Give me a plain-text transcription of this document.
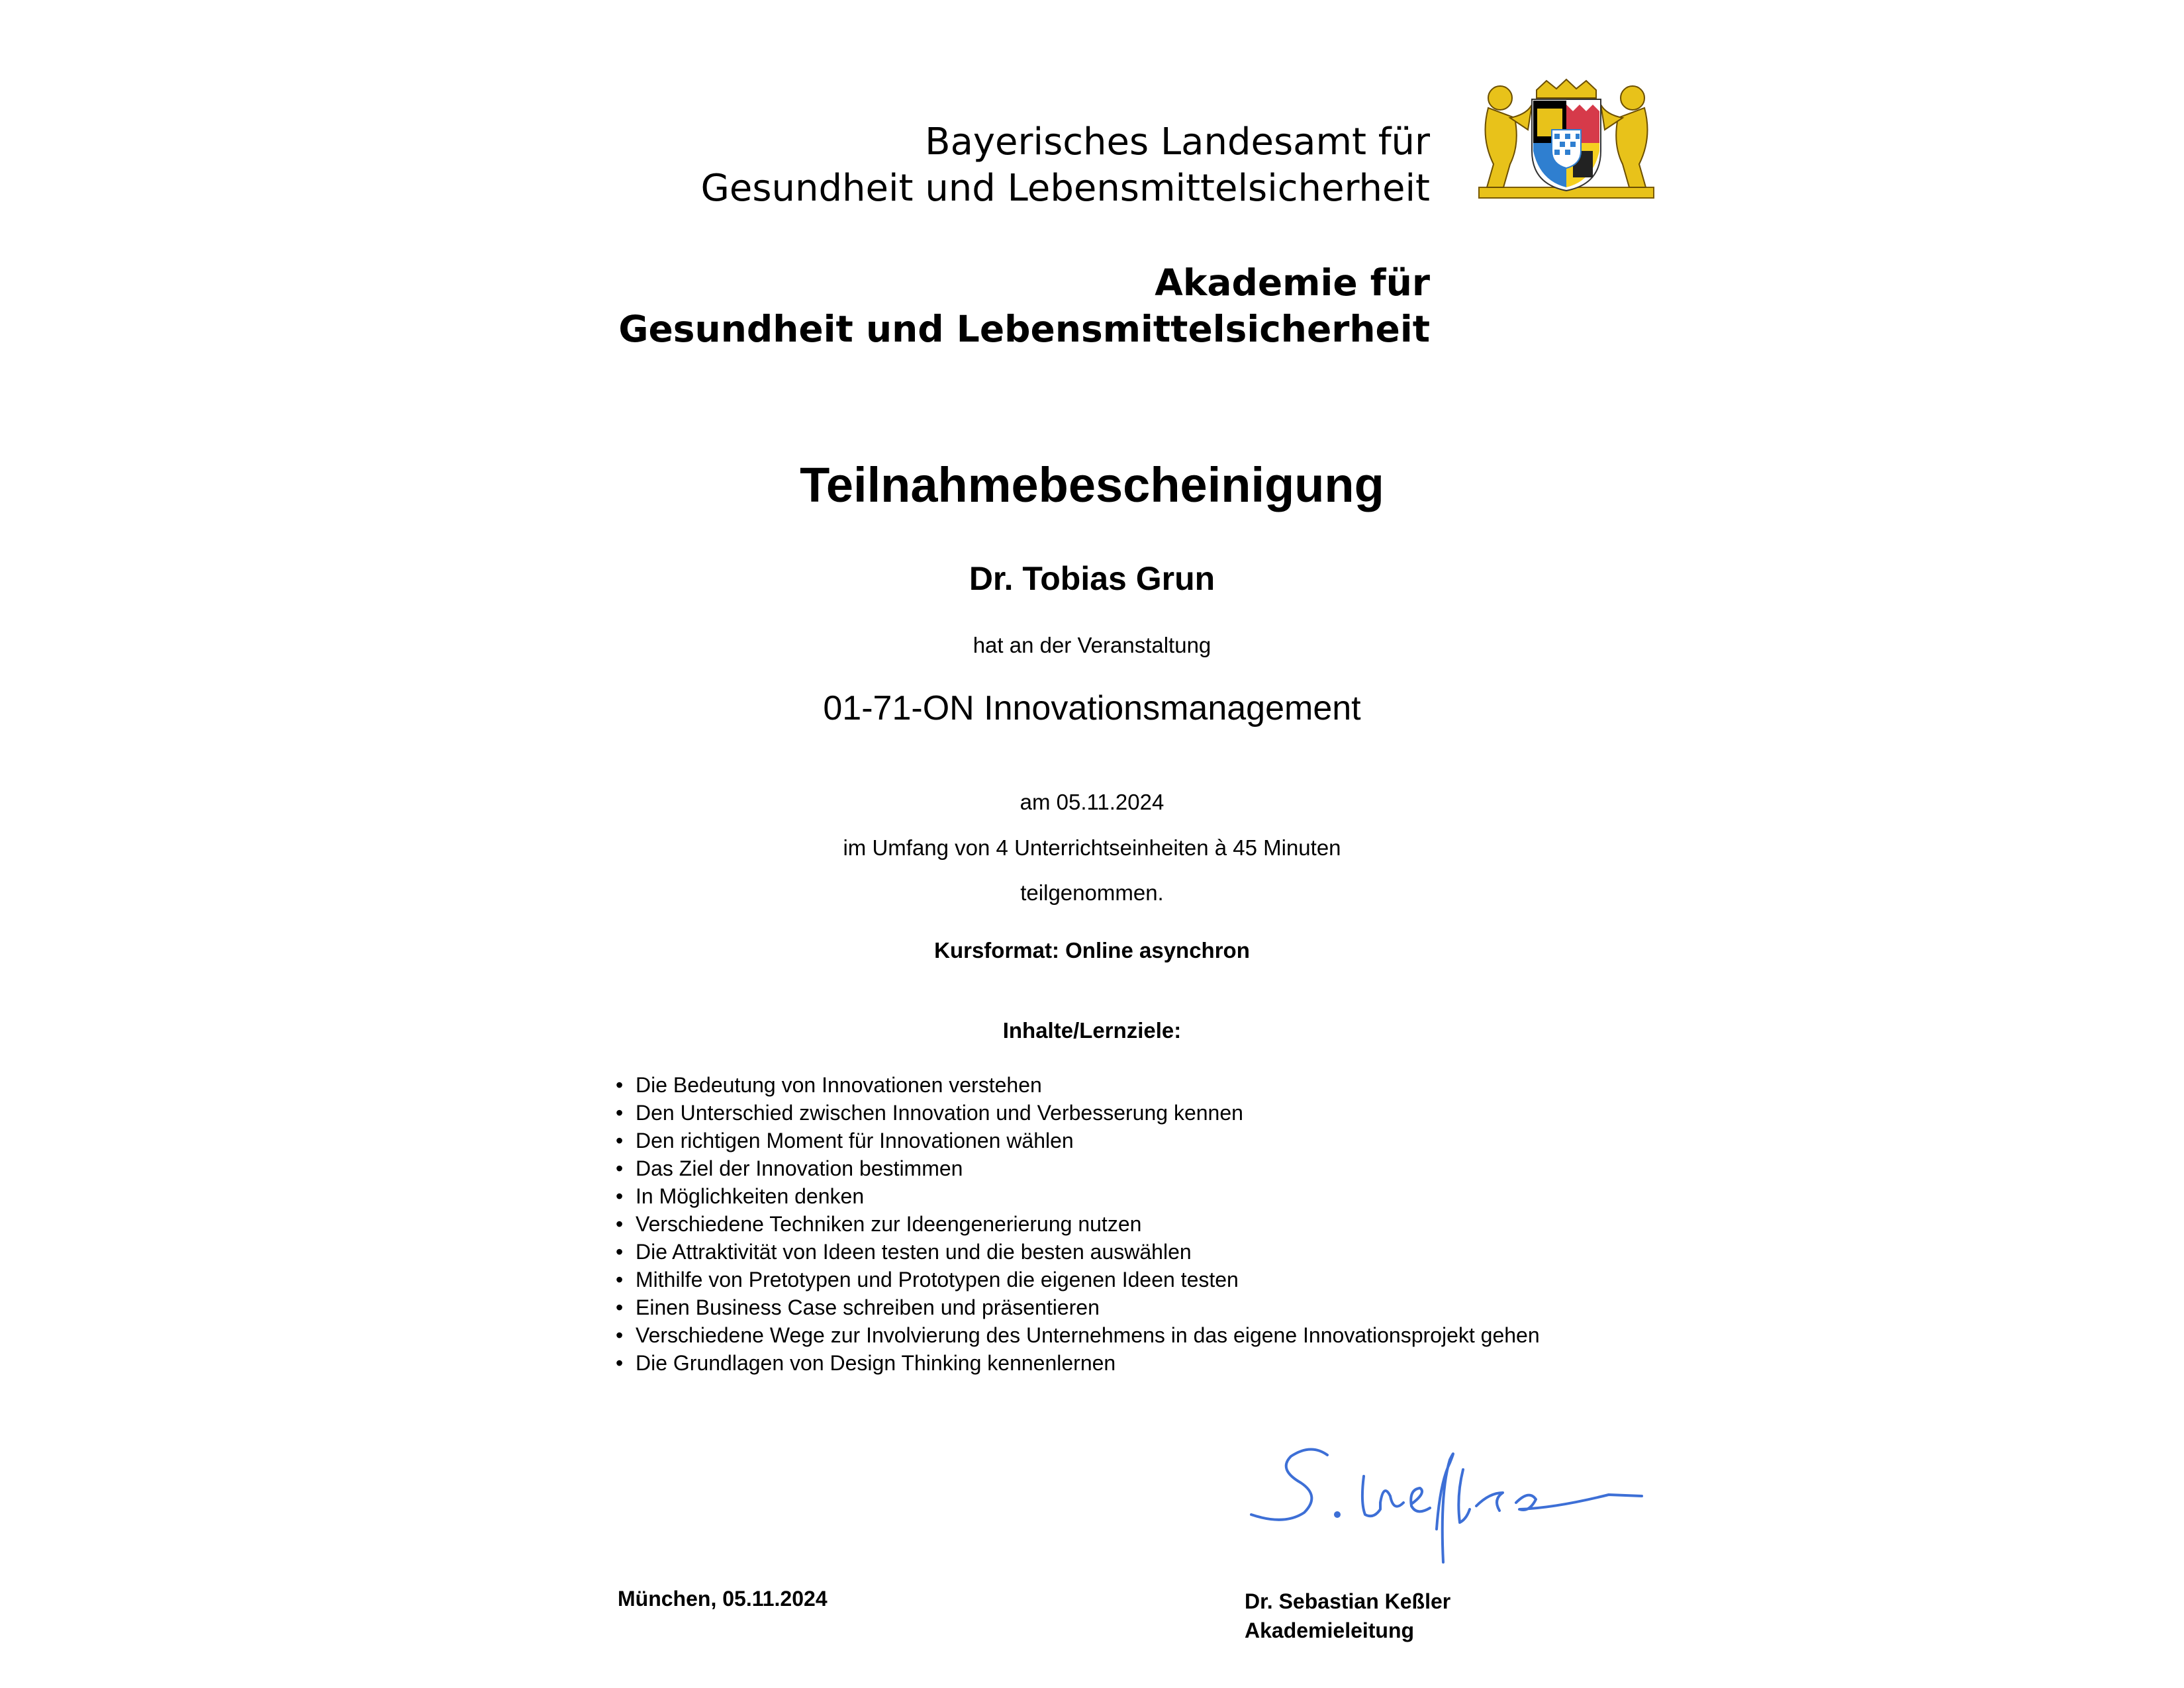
Bayerisches Landesamt für
Gesundheit und Lebensmittelsicherheit
Akademie für
Gesundheit und Lebensmittelsicherheit
Teilnahmebescheinigung
Dr. Tobias Grun
hat an der Veranstaltung
01-71-ON Innovationsmanagement
am 05.11.2024
im Umfang von 4 Unterrichtseinheiten à 45 Minuten
teilgenommen.
Kursformat: Online asynchron
Inhalte/Lernziele:
• Die Bedeutung von Innovationen verstehen
• Den Unterschied zwischen Innovation und Verbesserung kennen
• Den richtigen Moment für Innovationen wählen
• Das Ziel der Innovation bestimmen
• In Möglichkeiten denken
• Verschiedene Techniken zur Ideengenerierung nutzen
• Die Attraktivität von Ideen testen und die besten auswählen
• Mithilfe von Pretotypen und Prototypen die eigenen Ideen testen
• Einen Business Case schreiben und präsentieren
• Verschiedene Wege zur Involvierung des Unternehmens in das eigene Innovationsprojekt gehen
• Die Grundlagen von Design Thinking kennenlernen
München, 05.11.2024	Dr. Sebastian Keßler
Akademieleitung
